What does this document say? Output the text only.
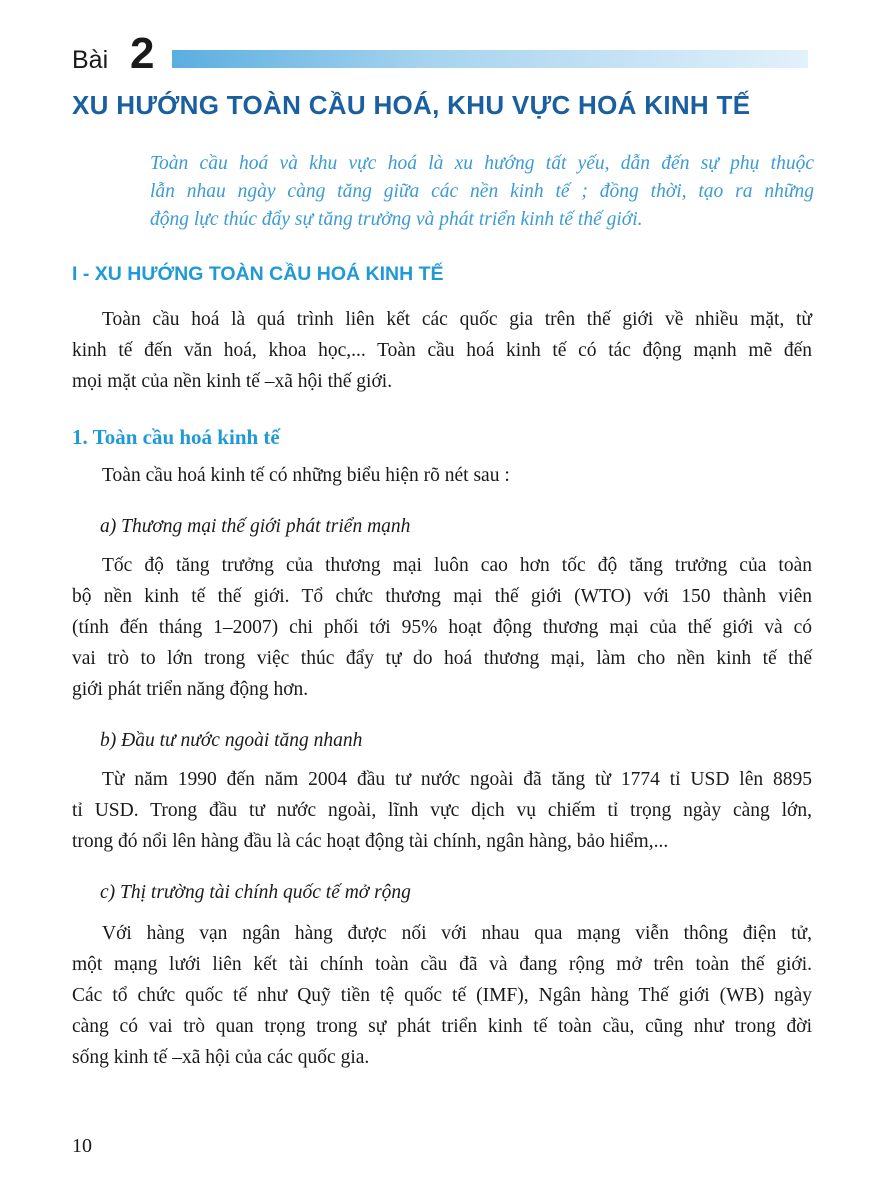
Bài 2
XU HƯỚNG TOÀN CẦU HOÁ, KHU VỰC HOÁ KINH TẾ
Toàn cầu hoá và khu vực hoá là xu hướng tất yếu, dẫn đến sự phụ thuộc
lẫn nhau ngày càng tăng giữa các nền kinh tế ; đồng thời, tạo ra những
động lực thúc đẩy sự tăng trưởng và phát triển kinh tế thế giới.
I - XU HƯỚNG TOÀN CẦU HOÁ KINH TẾ
Toàn cầu hoá là quá trình liên kết các quốc gia trên thế giới về nhiều mặt, từ
kinh tế đến văn hoá, khoa học,... Toàn cầu hoá kinh tế có tác động mạnh mẽ đến
mọi mặt của nền kinh tế –xã hội thế giới.
1. Toàn cầu hoá kinh tế
Toàn cầu hoá kinh tế có những biểu hiện rõ nét sau :
a) Thương mại thế giới phát triển mạnh
Tốc độ tăng trưởng của thương mại luôn cao hơn tốc độ tăng trưởng của toàn
bộ nền kinh tế thế giới. Tổ chức thương mại thế giới (WTO) với 150 thành viên
(tính đến tháng 1–2007) chi phối tới 95% hoạt động thương mại của thế giới và có
vai trò to lớn trong việc thúc đẩy tự do hoá thương mại, làm cho nền kinh tế thế
giới phát triển năng động hơn.
b) Đầu tư nước ngoài tăng nhanh
Từ năm 1990 đến năm 2004 đầu tư nước ngoài đã tăng từ 1774 tỉ USD lên 8895
tỉ USD. Trong đầu tư nước ngoài, lĩnh vực dịch vụ chiếm tỉ trọng ngày càng lớn,
trong đó nổi lên hàng đầu là các hoạt động tài chính, ngân hàng, bảo hiểm,...
c) Thị trường tài chính quốc tế mở rộng
Với hàng vạn ngân hàng được nối với nhau qua mạng viễn thông điện tử,
một mạng lưới liên kết tài chính toàn cầu đã và đang rộng mở trên toàn thế giới.
Các tổ chức quốc tế như Quỹ tiền tệ quốc tế (IMF), Ngân hàng Thế giới (WB) ngày
càng có vai trò quan trọng trong sự phát triển kinh tế toàn cầu, cũng như trong đời
sống kinh tế –xã hội của các quốc gia.
10
